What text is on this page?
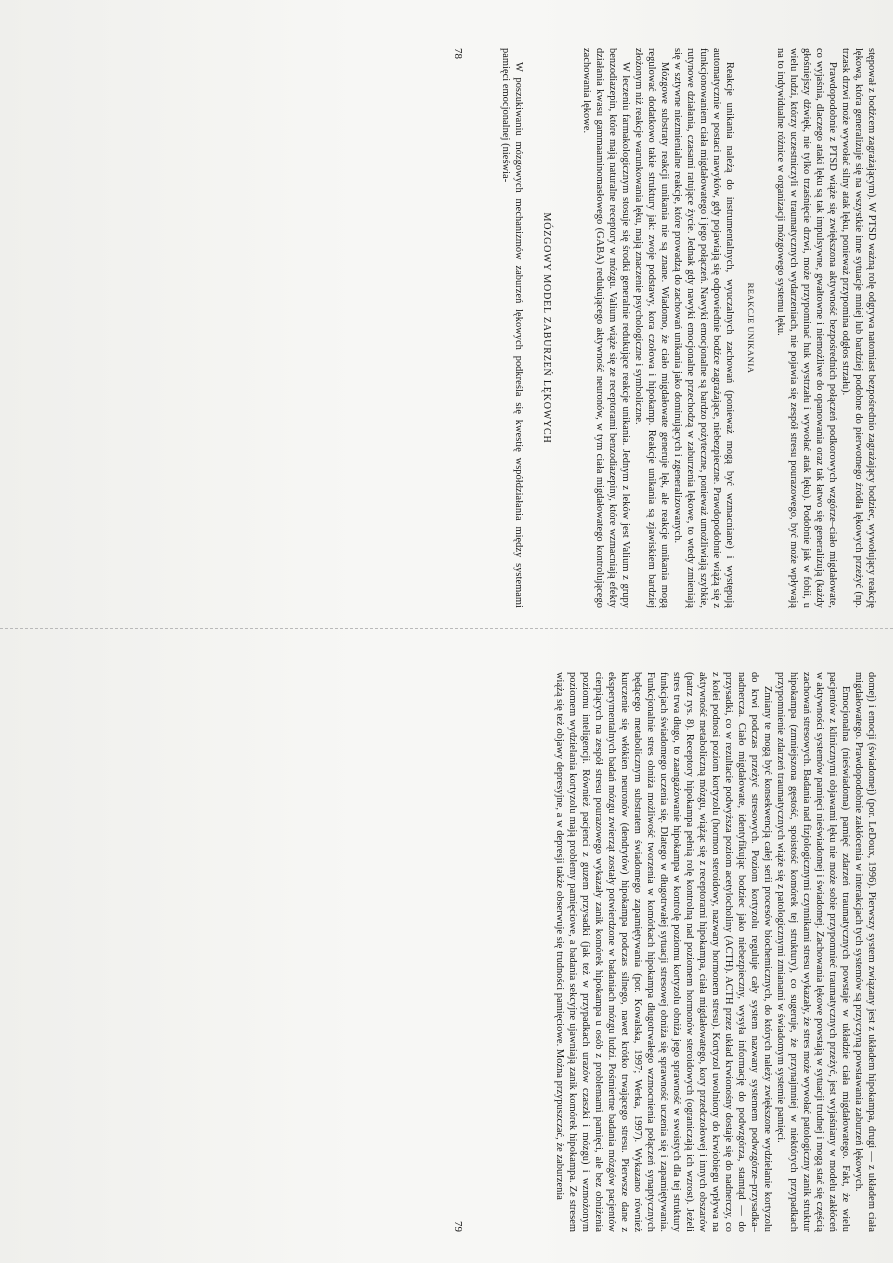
stępował z bodźcem zagrażającym). W PTSD ważną rolę odgrywa natomiast bezpośrednio zagrażający bodziec, wywołujący reakcję lękową, która generalizuje się na wszystkie inne sytuacje mniej lub bardziej podobne do pierwotnego źródła lękowych przeżyć (np. trzask drzwi może wywołać silny atak lęku, ponieważ przypomina odgłos strzału).

Prawdopodobnie z PTSD wiąże się zwiększona aktywność bezpośrednich połączeń podkorowych wzgórze–ciało migdałowate, co wyjaśnia, dlaczego ataki lęku są tak impulsywne, gwałtowne i niemożliwe do opanowania oraz tak łatwo się generalizują (każdy głośniejszy dźwięk, nie tylko trzaśnięcie drzwi, może przypominać huk wystrzału i wywołać atak lęku). Podobnie jak w fobii, u wielu ludzi, którzy uczestniczyli w traumatycznych wydarzeniach, nie pojawia się zespół stresu pourazowego, być może wpływają na to indywidualne różnice w organizacji mózgowego systemu lęku.

REAKCJE UNIKANIA

Reakcje unikania należą do instrumentalnych, wyuczalnych zachowań (ponieważ mogą być wzmacniane) i występują automatycznie w postaci nawyków, gdy pojawiają się odpowiednie bodźce zagrażające, niebezpieczne. Prawdopodobnie wiążą się z funkcjonowaniem ciała migdałowatego i jego połączeń. Nawyki emocjonalne są bardzo pożyteczne, ponieważ umożliwiają szybkie, rutynowe działania, czasami ratujące życie. Jednak gdy nawyki emocjonalne przechodzą w zaburzenia lękowe, to wtedy zmieniają się w sztywne niezmienialne reakcje, które prowadzą do zachowań unikania jako dominujących i zgeneralizowanych.

Mózgowe substraty reakcji unikania nie są znane. Wiadomo, że ciało migdałowate generuje lęk, ale reakcje unikania mogą regulować dodatkowo takie struktury jak: zwoje podstawy, kora czołowa i hipokamp. Reakcje unikania są zjawiskiem bardziej złożonym niż reakcje warunkowania lęku, mają znaczenie psychologiczne i symboliczne.

W leczeniu farmakologicznym stosuje się środki generalnie redukujące reakcje unikania. Jednym z leków jest Valium z grupy benzodiazepin, które mają naturalne receptory w mózgu. Valium wiąże się ze receptorami benzodiazepiny, które wzmacniają efekty działania kwasu gammaaminomasłowego (GABA) redukującego aktywność neuronów, w tym ciała migdałowatego kontrolującego zachowania lękowe.

MÓZGOWY MODEL ZABURZEŃ LĘKOWYCH

W poszukiwaniu mózgowych mechanizmów zaburzeń lękowych podkreśla się kwestię współdziałania między systemami pamięci emocjonalnej (nieświa-

78

domej) i emocji (świadomej) (por. LeDoux, 1996). Pierwszy system związany jest z układem hipokampa, drugi — z układem ciała migdałowatego. Prawdopodobnie zakłócenia w interakcjach tych systemów są przyczyną powstawania zaburzeń lękowych.

Emocjonalna (nieświadoma) pamięć zdarzeń traumatycznych powstaje w układzie ciała migdałowatego. Fakt, że wielu pacjentów z klinicznymi objawami lęku nie może sobie przypomnieć traumatycznych przeżyć, jest wyjaśniany w modelu zakłóceń w aktywności systemów pamięci nieświadomej i świadomej. Zachowania lękowe powstają w sytuacji trudnej i mogą stać się częścią zachowań stresowych. Badania nad fizjologicznymi czynnikami stresu wykazały, że stres może wywołać patologiczny zanik struktur hipokampa (zmniejszona gęstość, spoistość komórek tej struktury), co sugeruje, że przynajmniej w niektórych przypadkach przypomnienie zdarzeń traumatycznych wiąże się z patologicznymi zmianami w świadomym systemie pamięci.

Zmiany te mogą być konsekwencją całej serii procesów biochemicznych, do których należy zwiększone wydzielanie kortyzolu do krwi podczas przeżyć stresowych. Poziom kortyzolu reguluje cały system nazwany systemem podwzgórze–przysadka–nadnercza. Ciało migdałowate, identyfikując bodziec jako niebezpieczny, wysyła informację do podwzgórza, stamtąd — do przysadki, co w rezultacie podwyższa poziom acetylocholiny (ACTH). ACTH przez układ krwionośny dostaje się do nadnerczy, co z kolei podnosi poziom kortyzolu (hormon steroidowy, nazwany hormonem stresu). Kortyzol uwolniony do krwiobiegu wpływa na aktywność metaboliczną mózgu, wiążąc się z receptorami hipokampa, ciała migdałowatego, kory przedczołowej i innych obszarów (patrz rys. 8). Receptory hipokampa pełnią rolę kontrolną nad poziomem hormonów steroidowych (ograniczają ich wzrost). Jeżeli stres trwa długo, to zaangażowanie hipokampa w kontrolę poziomu kortyzolu obniża jego sprawność w swoistych dla tej struktury funkcjach świadomego uczenia się. Dlatego w długotrwałej sytuacji stresowej obniża się sprawność uczenia się i zapamiętywania. Funkcjonalnie stres obniża możliwość tworzenia w komórkach hipokampa długotrwałego wzmocnienia połączeń synaptycznych będącego metabolicznym substratem świadomego zapamiętywania (por. Kowalska, 1997; Werka, 1997). Wykazano również kurczenie się włókien neuronów (dendrytów) hipokampa podczas silnego, nawet krótko trwającego stresu. Pierwsze dane z eksperymentalnych badań mózgu zwierząt zostały potwierdzone w badaniach mózgu ludzi. Pośmiertne badania mózgów pacjentów cierpiących na zespół stresu pourazowego wykazały zanik komórek hipokampa u osób z problemami pamięci, ale bez obniżenia poziomu inteligencji. Również pacjenci z guzem przysadki (jak też w przypadkach urazów czaszki i mózgu) i wzmożonym poziomem wydzielania kortyzolu mają problemy pamięciowe, a badania sekcyjne ujawniają zanik komórek hipokampa. Ze stresem wiążą się też objawy depresyjne, a w depresji także obserwuje się trudności pamięciowe. Można przypuszczać, że zaburzenia

79
